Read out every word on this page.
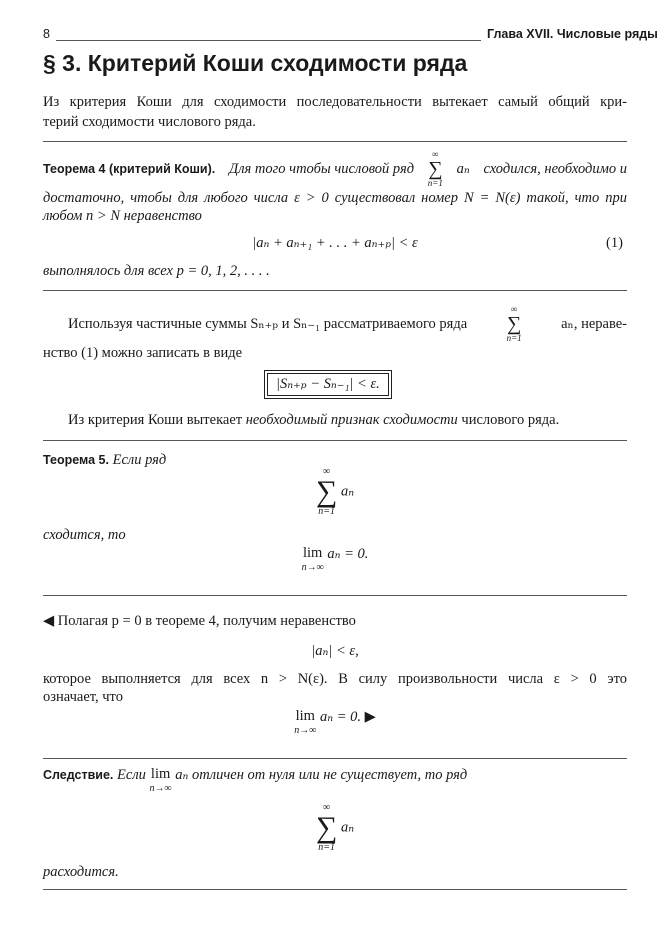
8	Глава XVII. Числовые ряды
§ 3. Критерий Коши сходимости ряда
Из критерия Коши для сходимости последовательности вытекает самый общий кри-
терий сходимости числового ряда.
Теорема 4 (критерий Коши). Для того чтобы числовой ряд
∞
∑
n=1
aₙ сходился, необходимо и
достаточно, чтобы для любого числа ε > 0 существовал номер N = N(ε) такой, что при
любом n > N неравенство
|aₙ + aₙ₊₁ + . . . + aₙ₊ₚ| < ε	(1)
выполнялось для всех p = 0, 1, 2, . . . .
Используя частичные суммы Sₙ₊ₚ и Sₙ₋₁ рассматриваемого ряда
∞
∑
n=1
aₙ, нераве-
нство (1) можно записать в виде
|Sₙ₊ₚ − Sₙ₋₁| < ε.
Из критерия Коши вытекает необходимый признак сходимости числового ряда.
Теорема 5. Если ряд
∞
∑
n=1
aₙ
сходится, то
lim
n→∞
aₙ = 0.
◀ Полагая p = 0 в теореме 4, получим неравенство
|aₙ| < ε,
которое выполняется для всех n > N(ε). В силу произвольности числа ε > 0 это
означает, что
lim
n→∞
aₙ = 0. ▶
Следствие. Если lim
n→∞
aₙ отличен от нуля или не существует, то ряд
∞
∑
n=1
aₙ
расходится.
